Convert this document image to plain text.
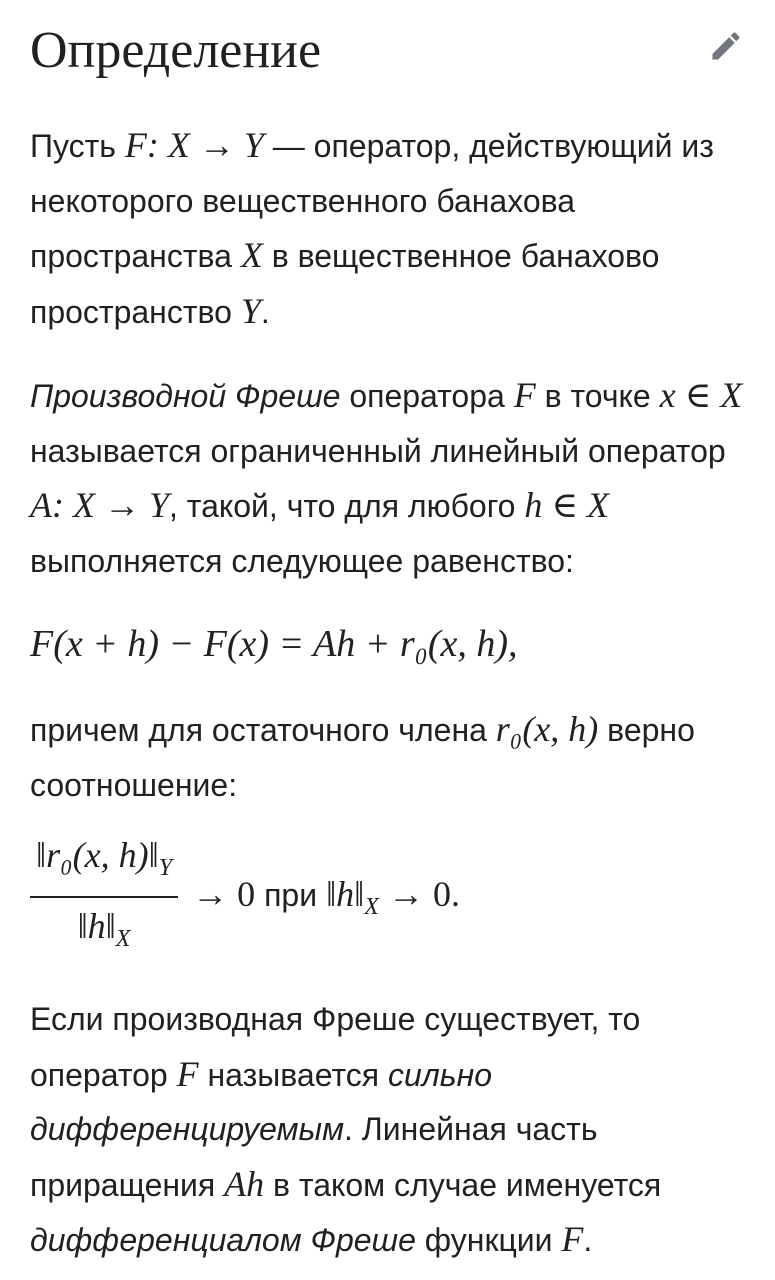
Определение

Пусть F: X → Y — оператор, действующий из некоторого вещественного банахова пространства X в вещественное банахово пространство Y.

Производной Фреше оператора F в точке x ∈ X называется ограниченный линейный оператор A: X → Y, такой, что для любого h ∈ X выполняется следующее равенство:

F(x + h) − F(x) = Ah + r₀(x, h),

причем для остаточного члена r₀(x, h) верно соотношение:

$\frac{‖r_0(x, h)‖_Y}{‖h‖_X} \to 0$ при $‖h‖_X \to 0$.

Если производная Фреше существует, то оператор F называется сильно дифференцируемым. Линейная часть приращения Ah в таком случае именуется дифференциалом Фреше функции F.
